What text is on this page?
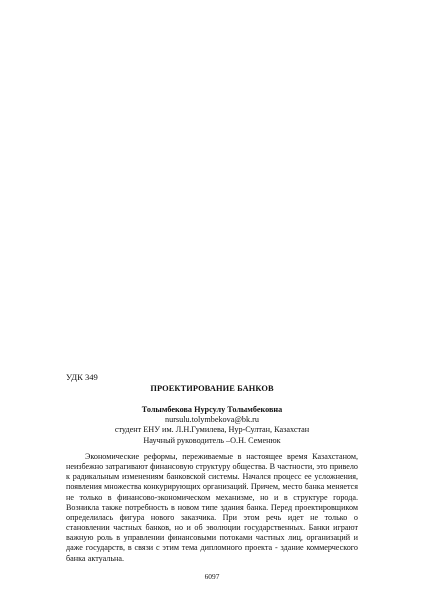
УДК 349
ПРОЕКТИРОВАНИЕ БАНКОВ
Толымбекова Нурсулу Толымбековна
nursulu.tolymbekova@bk.ru
студент ЕНУ им. Л.Н.Гумилева, Нур-Султан, Казахстан
Научный руководитель –О.Н. Семенюк
Экономические реформы, переживаемые в настоящее время Казахстаном, неизбежно затрагивают финансовую структуру общества. В частности, это привело к радикальным изменениям банковской системы. Начался процесс ее усложнения, появления множества конкурирующих организаций. Причем, место банка меняется не только в финансово-экономическом механизме, но и в структуре города. Возникла также потребность в новом типе здания банка. Перед проектировщиком определилась фигура нового заказчика. При этом речь идет не только о становлении частных банков, но и об эволюции государственных. Банки играют важную роль в управлении финансовыми потоками частных лиц, организаций и даже государств, в связи с этим тема дипломного проекта - здание коммерческого банка актуальна.
6097
